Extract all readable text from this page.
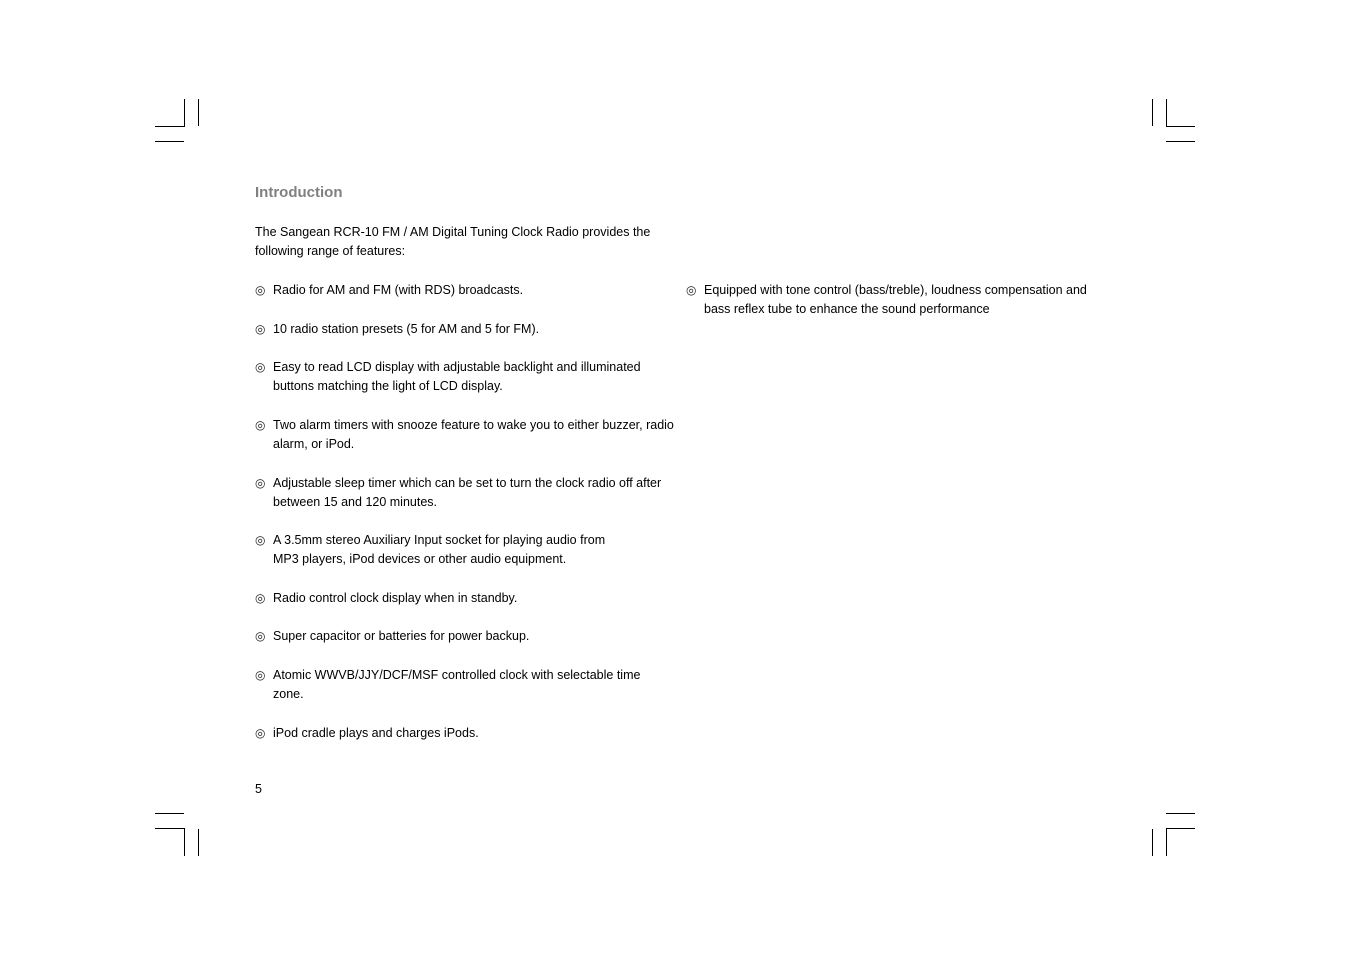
Introduction

The Sangean RCR-10 FM / AM Digital Tuning Clock Radio provides the following range of features:

◎ Radio for AM and FM (with RDS) broadcasts.
◎ 10 radio station presets (5 for AM and 5 for FM).
◎ Easy to read LCD display with adjustable backlight and illuminated buttons matching the light of LCD display.
◎ Two alarm timers with snooze feature to wake you to either buzzer, radio alarm, or iPod.
◎ Adjustable sleep timer which can be set to turn the clock radio off after between 15 and 120 minutes.
◎ A 3.5mm stereo Auxiliary Input socket for playing audio from MP3 players, iPod devices or other audio equipment.
◎ Radio control clock display when in standby.
◎ Super capacitor or batteries for power backup.
◎ Atomic WWVB/JJY/DCF/MSF controlled clock with selectable time zone.
◎ iPod cradle plays and charges iPods.
◎ Equipped with tone control (bass/treble), loudness compensation and bass reflex tube to enhance the sound performance
5
